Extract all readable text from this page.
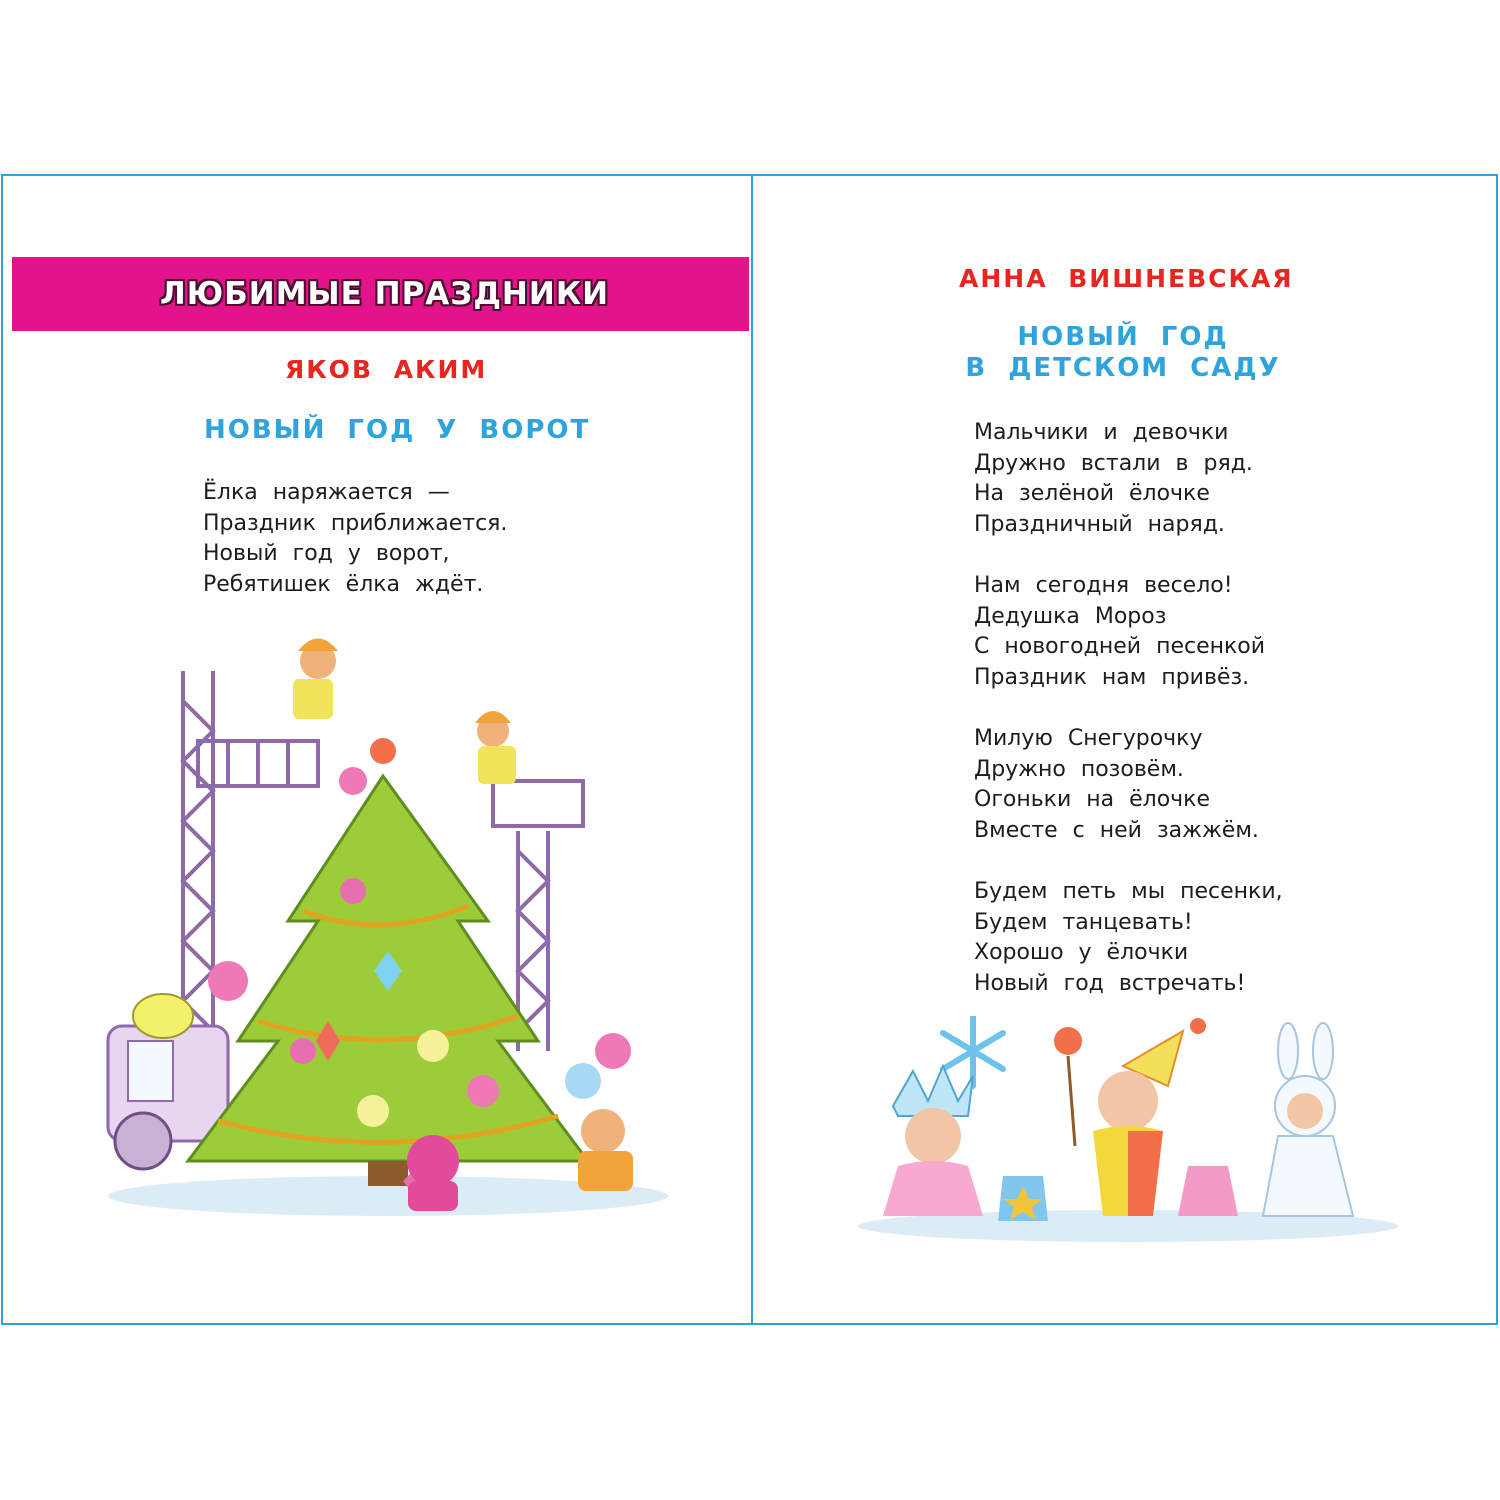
ЛЮБИМЫЕ ПРАЗДНИКИ
ЯКОВ АКИМ
НОВЫЙ ГОД У ВОРОТ
Ёлка наряжается —
Праздник приближается.
Новый год у ворот,
Ребятишек ёлка ждёт.
АННА ВИШНЕВСКАЯ
НОВЫЙ ГОД
В ДЕТСКОМ САДУ
Мальчики и девочки
Дружно встали в ряд.
На зелёной ёлочке
Праздничный наряд.
Нам сегодня весело!
Дедушка Мороз
С новогодней песенкой
Праздник нам привёз.
Милую Снегурочку
Дружно позовём.
Огоньки на ёлочке
Вместе с ней зажжём.
Будем петь мы песенки,
Будем танцевать!
Хорошо у ёлочки
Новый год встречать!
